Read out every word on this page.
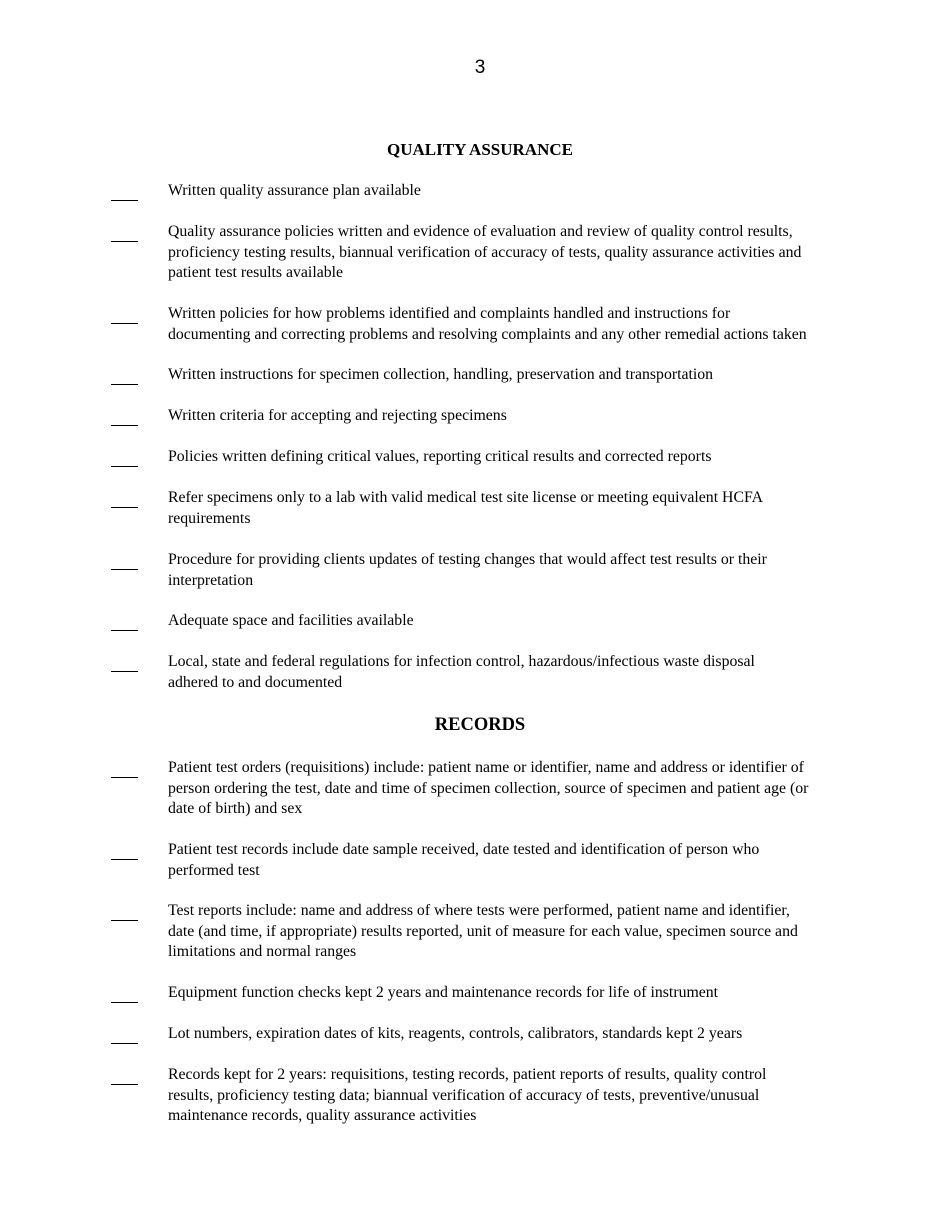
3
QUALITY ASSURANCE
Written quality assurance plan available
Quality assurance policies written and evidence of evaluation and review of quality control results,
proficiency testing results, biannual verification of accuracy of tests, quality assurance activities and
patient test results available
Written policies for how problems identified and complaints handled and instructions for
documenting and correcting problems and resolving complaints and any other remedial actions taken
Written instructions for specimen collection, handling, preservation and transportation
Written criteria for accepting and rejecting specimens
Policies written defining critical values, reporting critical results and corrected reports
Refer specimens only to a lab with valid medical test site license or meeting equivalent HCFA
requirements
Procedure for providing clients updates of testing changes that would affect test results or their
interpretation
Adequate space and facilities available
Local, state and federal regulations for infection control, hazardous/infectious waste disposal
adhered to and documented
RECORDS
Patient test orders (requisitions) include: patient name or identifier, name and address or identifier of
person ordering the test, date and time of specimen collection, source of specimen and patient age (or
date of birth) and sex
Patient test records include date sample received, date tested and identification of person who
performed test
Test reports include: name and address of where tests were performed, patient name and identifier,
date (and time, if appropriate) results reported, unit of measure for each value, specimen source and
limitations and normal ranges
Equipment function checks kept 2 years and maintenance records for life of instrument
Lot numbers, expiration dates of kits, reagents, controls, calibrators, standards kept 2 years
Records kept for 2 years: requisitions, testing records, patient reports of results, quality control
results, proficiency testing data; biannual verification of accuracy of tests, preventive/unusual
maintenance records, quality assurance activities
